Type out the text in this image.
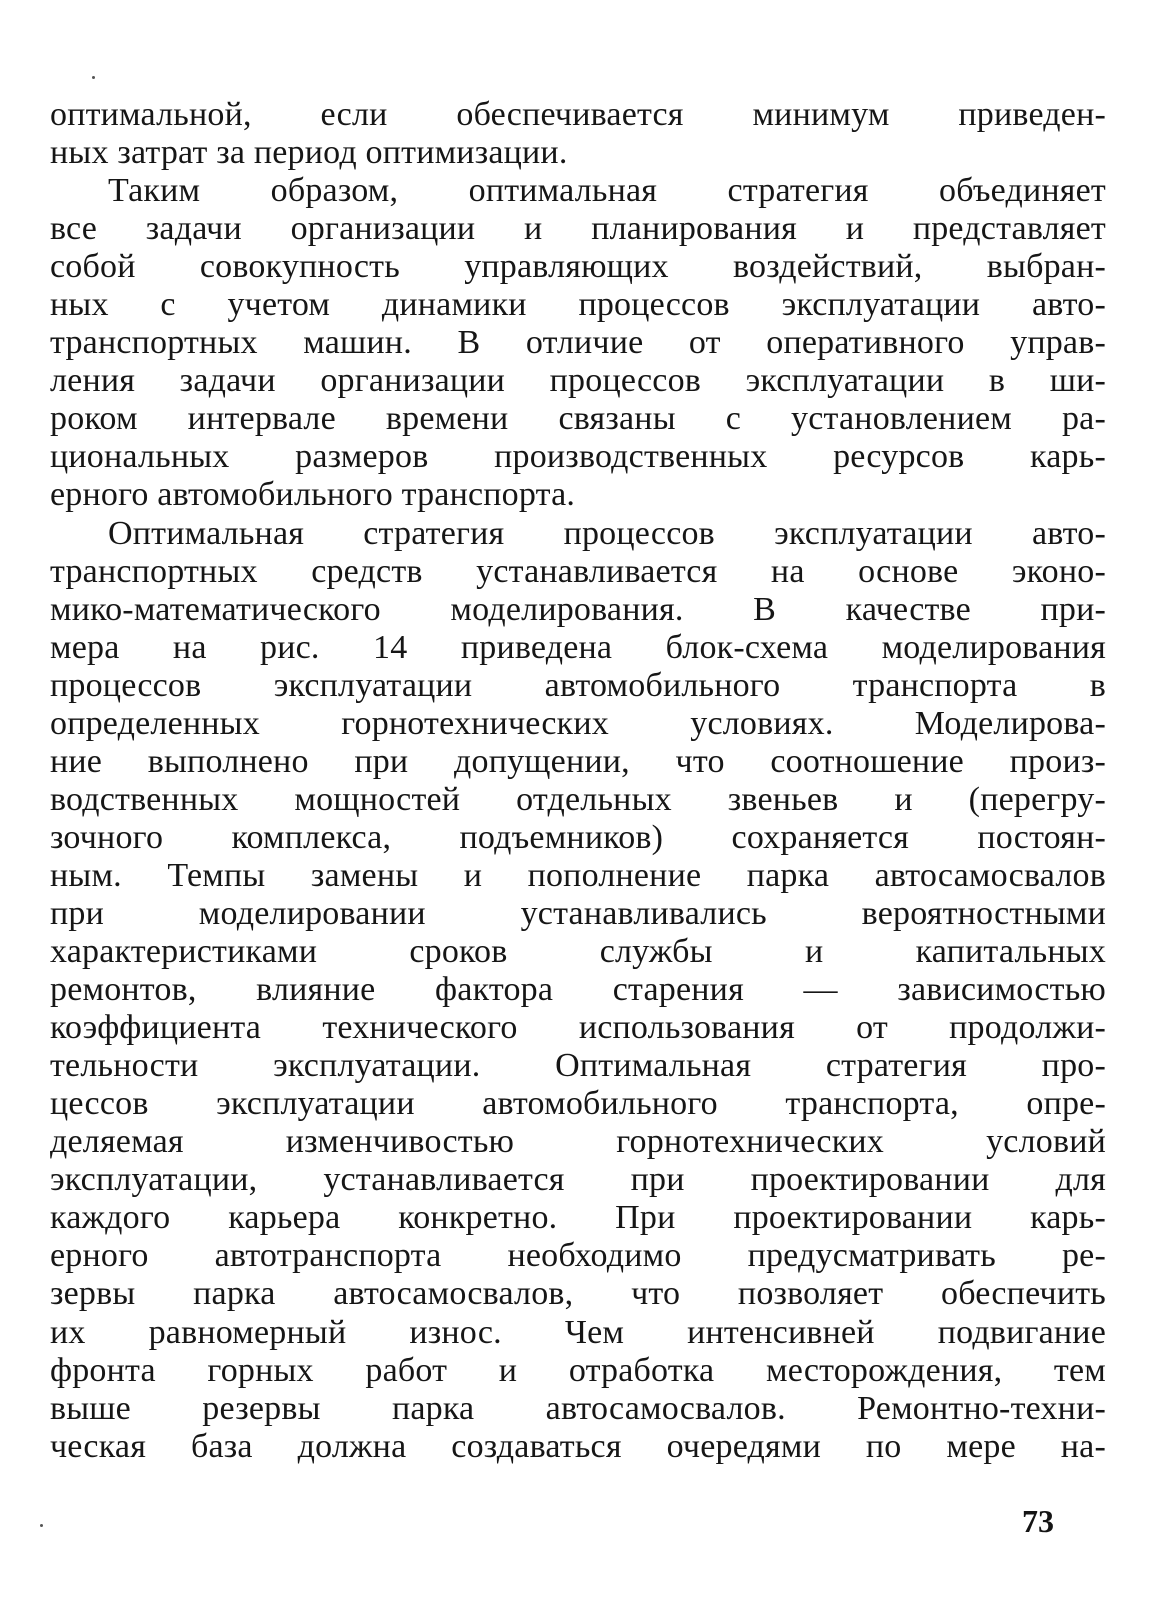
оптимальной, если обеспечивается минимум приведен-
ных затрат за период оптимизации.
Таким образом, оптимальная стратегия объединяет
все задачи организации и планирования и представляет
собой совокупность управляющих воздействий, выбран-
ных с учетом динамики процессов эксплуатации авто-
транспортных машин. В отличие от оперативного управ-
ления задачи организации процессов эксплуатации в ши-
роком интервале времени связаны с установлением ра-
циональных размеров производственных ресурсов карь-
ерного автомобильного транспорта.
Оптимальная стратегия процессов эксплуатации авто-
транспортных средств устанавливается на основе эконо-
мико-математического моделирования. В качестве при-
мера на рис. 14 приведена блок-схема моделирования
процессов эксплуатации автомобильного транспорта в
определенных горнотехнических условиях. Моделирова-
ние выполнено при допущении, что соотношение произ-
водственных мощностей отдельных звеньев и (перегру-
зочного комплекса, подъемников) сохраняется постоян-
ным. Темпы замены и пополнение парка автосамосвалов
при моделировании устанавливались вероятностными
характеристиками сроков службы и капитальных
ремонтов, влияние фактора старения — зависимостью
коэффициента технического использования от продолжи-
тельности эксплуатации. Оптимальная стратегия про-
цессов эксплуатации автомобильного транспорта, опре-
деляемая изменчивостью горнотехнических условий
эксплуатации, устанавливается при проектировании для
каждого карьера конкретно. При проектировании карь-
ерного автотранспорта необходимо предусматривать ре-
зервы парка автосамосвалов, что позволяет обеспечить
их равномерный износ. Чем интенсивней подвигание
фронта горных работ и отработка месторождения, тем
выше резервы парка автосамосвалов. Ремонтно-техни-
ческая база должна создаваться очередями по мере на-
73
